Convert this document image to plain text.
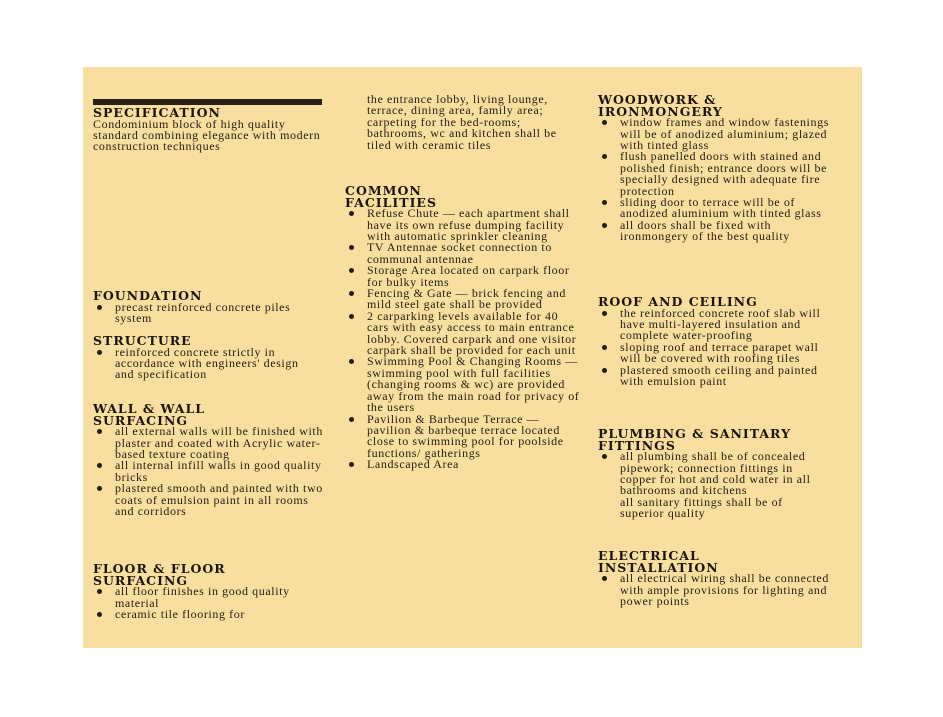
SPECIFICATION

Condominium block of high quality standard combining elegance with modern construction techniques

FOUNDATION
precast reinforced concrete piles system
STRUCTURE
reinforced concrete strictly in accordance with engineers' design and specification
WALL & WALL SURFACING
all external walls will be finished with plaster and coated with Acrylic water-based texture coating
all internal infill walls in good quality bricks
plastered smooth and painted with two coats of emulsion paint in all rooms and corridors
FLOOR & FLOOR SURFACING
all floor finishes in good quality material
ceramic tile flooring for

the entrance lobby, living lounge, terrace, dining area, family area; carpeting for the bed-rooms; bathrooms, wc and kitchen shall be tiled with ceramic tiles

COMMON FACILITIES
Refuse Chute — each apartment shall have its own refuse dumping facility with automatic sprinkler cleaning
TV Antennae socket connection to communal antennae
Storage Area located on carpark floor for bulky items
Fencing & Gate — brick fencing and mild steel gate shall be provided
2 carparking levels available for 40 cars with easy access to main entrance lobby. Covered carpark and one visitor carpark shall be provided for each unit
Swimming Pool & Changing Rooms — swimming pool with full facilities (changing rooms & wc) are provided away from the main road for privacy of the users
Pavilion & Barbeque Terrace — pavilion & barbeque terrace located close to swimming pool for poolside functions/ gatherings
Landscaped Area
WOODWORK & IRONMONGERY
window frames and window fastenings will be of anodized aluminium; glazed with tinted glass
flush panelled doors with stained and polished finish; entrance doors will be specially designed with adequate fire protection
sliding door to terrace will be of anodized aluminium with tinted glass
all doors shall be fixed with ironmongery of the best quality
ROOF AND CEILING
the reinforced concrete roof slab will have multi-layered insulation and complete water-proofing
sloping roof and terrace parapet wall will be covered with roofing tiles
plastered smooth ceiling and painted with emulsion paint
PLUMBING & SANITARY FITTINGS
all plumbing shall be of concealed pipework; connection fittings in copper for hot and cold water in all bathrooms and kitchens

all sanitary fittings shall be of superior quality

ELECTRICAL INSTALLATION
all electrical wiring shall be connected with ample provisions for lighting and power points
